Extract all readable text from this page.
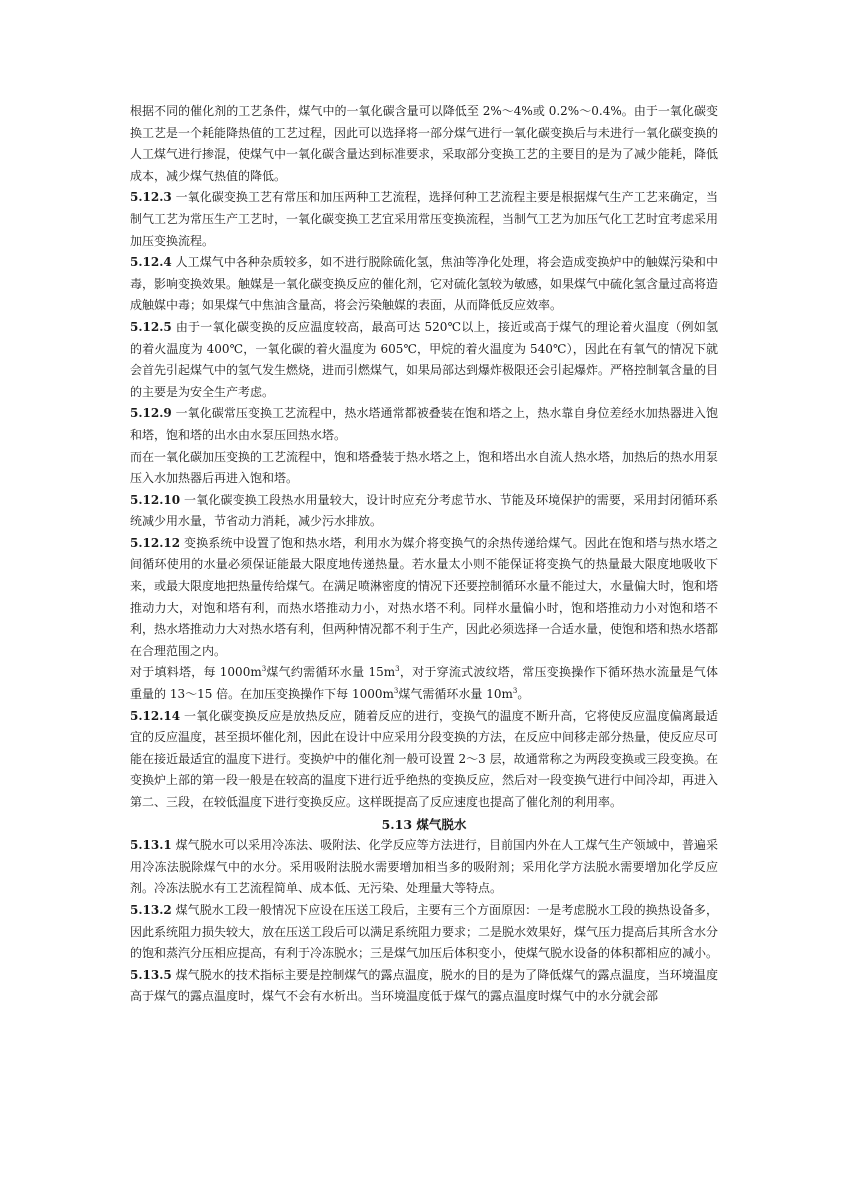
根据不同的催化剂的工艺条件，煤气中的一氧化碳含量可以降低至 2%～4%或 0.2%～0.4%。由于一氧化碳变换工艺是一个耗能降热值的工艺过程，因此可以选择将一部分煤气进行一氧化碳变换后与未进行一氧化碳变换的人工煤气进行掺混，使煤气中一氧化碳含量达到标准要求，采取部分变换工艺的主要目的是为了减少能耗，降低成本，减少煤气热值的降低。

5.12.3 一氧化碳变换工艺有常压和加压两种工艺流程，选择何种工艺流程主要是根据煤气生产工艺来确定，当制气工艺为常压生产工艺时，一氧化碳变换工艺宜采用常压变换流程，当制气工艺为加压气化工艺时宜考虑采用加压变换流程。

5.12.4 人工煤气中各种杂质较多，如不进行脱除硫化氢，焦油等净化处理，将会造成变换炉中的触媒污染和中毒，影响变换效果。触媒是一氧化碳变换反应的催化剂，它对硫化氢较为敏感，如果煤气中硫化氢含量过高将造成触媒中毒；如果煤气中焦油含量高，将会污染触媒的表面，从而降低反应效率。

5.12.5 由于一氧化碳变换的反应温度较高，最高可达 520℃以上，接近或高于煤气的理论着火温度（例如氢的着火温度为 400℃，一氧化碳的着火温度为 605℃，甲烷的着火温度为 540℃），因此在有氧气的情况下就会首先引起煤气中的氢气发生燃烧，进而引燃煤气，如果局部达到爆炸极限还会引起爆炸。严格控制氧含量的目的主要是为安全生产考虑。

5.12.9 一氧化碳常压变换工艺流程中，热水塔通常都被叠装在饱和塔之上，热水靠自身位差经水加热器进入饱和塔，饱和塔的出水由水泵压回热水塔。

而在一氧化碳加压变换的工艺流程中，饱和塔叠装于热水塔之上，饱和塔出水自流人热水塔，加热后的热水用泵压入水加热器后再进入饱和塔。

5.12.10 一氧化碳变换工段热水用量较大，设计时应充分考虑节水、节能及环境保护的需要，采用封闭循环系统减少用水量，节省动力消耗，减少污水排放。

5.12.12 变换系统中设置了饱和热水塔，利用水为媒介将变换气的余热传递给煤气。因此在饱和塔与热水塔之间循环使用的水量必须保证能最大限度地传递热量。若水量太小则不能保证将变换气的热量最大限度地吸收下来，或最大限度地把热量传给煤气。在满足喷淋密度的情况下还要控制循环水量不能过大，水量偏大时，饱和塔推动力大，对饱和塔有利，而热水塔推动力小，对热水塔不利。同样水量偏小时，饱和塔推动力小对饱和塔不利，热水塔推动力大对热水塔有利，但两种情况都不利于生产，因此必须选择一合适水量，使饱和塔和热水塔都在合理范围之内。

对于填料塔，每 $1000m^3$煤气约需循环水量 $15m^3$，对于穿流式波纹塔，常压变换操作下循环热水流量是气体重量的 13～15 倍。在加压变换操作下每 $1000m^3$煤气需循环水量 $10m^3$。

5.12.14 一氧化碳变换反应是放热反应，随着反应的进行，变换气的温度不断升高，它将使反应温度偏离最适宜的反应温度，甚至损坏催化剂，因此在设计中应采用分段变换的方法，在反应中间移走部分热量，使反应尽可能在接近最适宜的温度下进行。变换炉中的催化剂一般可设置 2～3 层，故通常称之为两段变换或三段变换。在变换炉上部的第一段一般是在较高的温度下进行近乎绝热的变换反应，然后对一段变换气进行中间冷却，再进入第二、三段，在较低温度下进行变换反应。这样既提高了反应速度也提高了催化剂的利用率。

5.13 煤气脱水

5.13.1 煤气脱水可以采用冷冻法、吸附法、化学反应等方法进行，目前国内外在人工煤气生产领域中，普遍采用冷冻法脱除煤气中的水分。采用吸附法脱水需要增加相当多的吸附剂；采用化学方法脱水需要增加化学反应剂。冷冻法脱水有工艺流程简单、成本低、无污染、处理量大等特点。

5.13.2 煤气脱水工段一般情况下应设在压送工段后，主要有三个方面原因：一是考虑脱水工段的换热设备多，因此系统阻力损失较大，放在压送工段后可以满足系统阻力要求；二是脱水效果好，煤气压力提高后其所含水分的饱和蒸汽分压相应提高，有利于冷冻脱水；三是煤气加压后体积变小，使煤气脱水设备的体积都相应的减小。

5.13.5 煤气脱水的技术指标主要是控制煤气的露点温度，脱水的目的是为了降低煤气的露点温度，当环境温度高于煤气的露点温度时，煤气不会有水析出。当环境温度低于煤气的露点温度时煤气中的水分就会部
